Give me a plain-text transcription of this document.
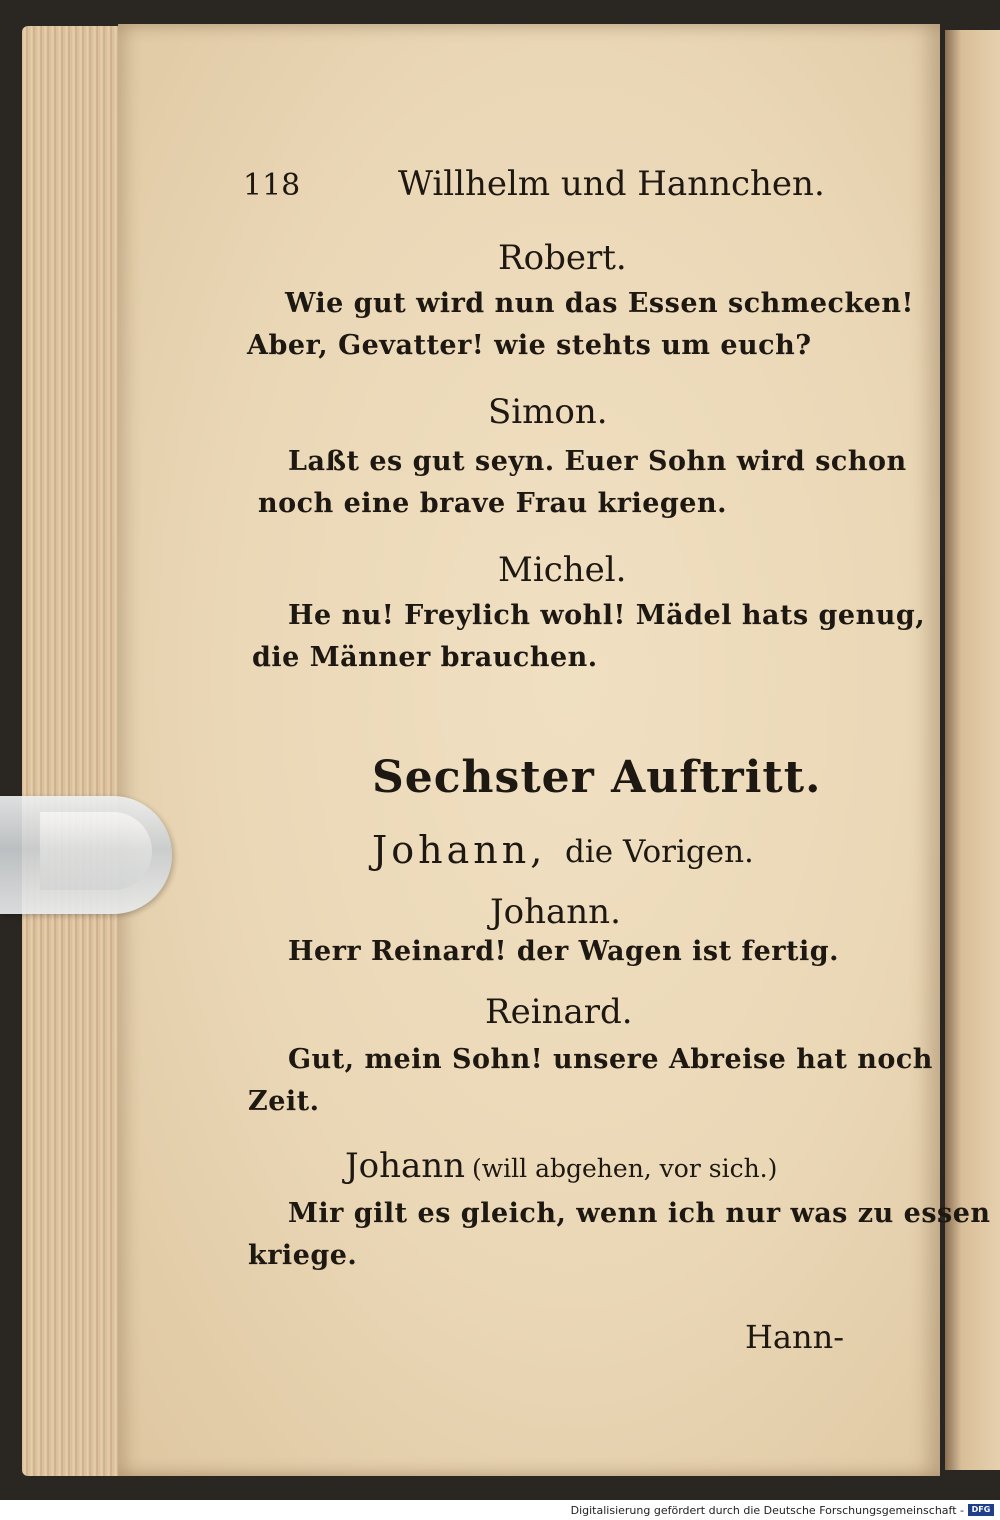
118	Willhelm und Hannchen.
Robert.
Wie gut wird nun das Essen schmecken!
Aber, Gevatter! wie stehts um euch?
Simon.
Laßt es gut seyn. Euer Sohn wird schon
noch eine brave Frau kriegen.
Michel.
He nu! Freylich wohl! Mädel hats genug,
die Männer brauchen.
Sechster Auftritt.
Johann, die Vorigen.
Johann.
Herr Reinard! der Wagen ist fertig.
Reinard.
Gut, mein Sohn! unsere Abreise hat noch
Zeit.
Johann (will abgehen, vor sich.)
Mir gilt es gleich, wenn ich nur was zu essen
kriege.
Hann-
Digitalisierung gefördert durch die Deutsche Forschungsgemeinschaft - DFG
